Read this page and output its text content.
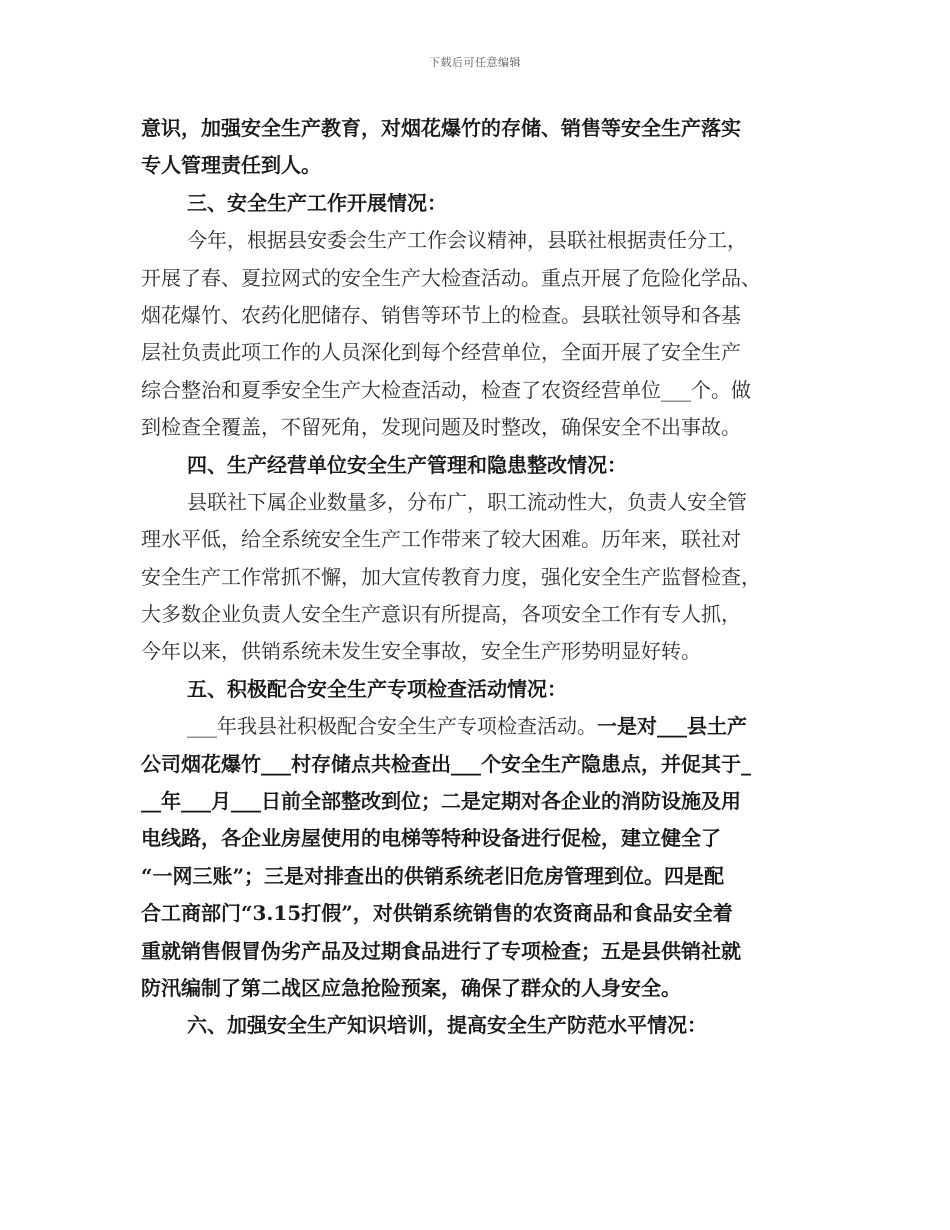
下载后可任意编辑
意识，加强安全生产教育，对烟花爆竹的存储、销售等安全生产落实
专人管理责任到人。
三、安全生产工作开展情况：
今年，根据县安委会生产工作会议精神，县联社根据责任分工，
开展了春、夏拉网式的安全生产大检查活动。重点开展了危险化学品、
烟花爆竹、农药化肥储存、销售等环节上的检查。县联社领导和各基
层社负责此项工作的人员深化到每个经营单位，全面开展了安全生产
综合整治和夏季安全生产大检查活动，检查了农资经营单位___个。做
到检查全覆盖，不留死角，发现问题及时整改，确保安全不出事故。
四、生产经营单位安全生产管理和隐患整改情况：
县联社下属企业数量多，分布广，职工流动性大，负责人安全管
理水平低，给全系统安全生产工作带来了较大困难。历年来，联社对
安全生产工作常抓不懈，加大宣传教育力度，强化安全生产监督检查，
大多数企业负责人安全生产意识有所提高，各项安全工作有专人抓，
今年以来，供销系统未发生安全事故，安全生产形势明显好转。
五、积极配合安全生产专项检查活动情况：
___年我县社积极配合安全生产专项检查活动。一是对___县土产
公司烟花爆竹___村存储点共检查出___个安全生产隐患点，并促其于_
__年___月___日前全部整改到位；二是定期对各企业的消防设施及用
电线路，各企业房屋使用的电梯等特种设备进行促检，建立健全了
“一网三账”；三是对排查出的供销系统老旧危房管理到位。四是配
合工商部门“3.15打假”，对供销系统销售的农资商品和食品安全着
重就销售假冒伪劣产品及过期食品进行了专项检查；五是县供销社就
防汛编制了第二战区应急抢险预案，确保了群众的人身安全。
六、加强安全生产知识培训，提高安全生产防范水平情况：
